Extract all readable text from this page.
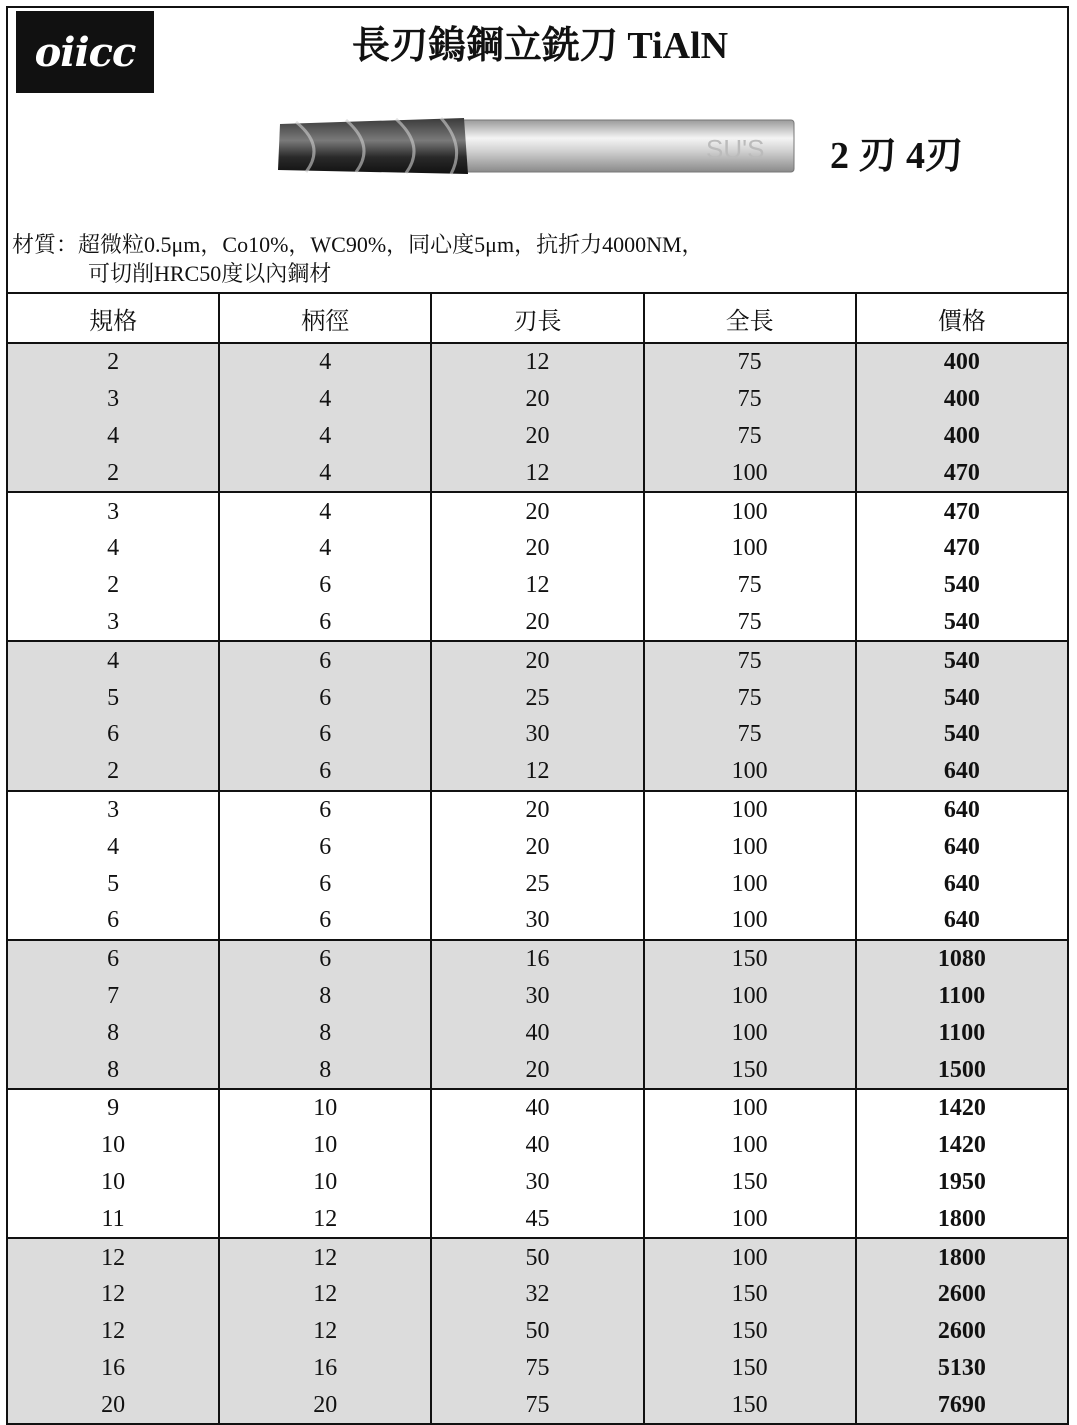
oiicc	長刃鎢鋼立銑刀 TiAlN
SU'S 2 刃 4刃
材質：超微粒0.5μm，Co10%，WC90%，同心度5μm，抗折力4000NM，
可切削HRC50度以內鋼材
規格	柄徑	刃長	全長	價格
2	4	12	75	400
3	4	20	75	400
4	4	20	75	400
2	4	12	100	470
3	4	20	100	470
4	4	20	100	470
2	6	12	75	540
3	6	20	75	540
4	6	20	75	540
5	6	25	75	540
6	6	30	75	540
2	6	12	100	640
3	6	20	100	640
4	6	20	100	640
5	6	25	100	640
6	6	30	100	640
6	6	16	150	1080
7	8	30	100	1100
8	8	40	100	1100
8	8	20	150	1500
9	10	40	100	1420
10	10	40	100	1420
10	10	30	150	1950
11	12	45	100	1800
12	12	50	100	1800
12	12	32	150	2600
12	12	50	150	2600
16	16	75	150	5130
20	20	75	150	7690
